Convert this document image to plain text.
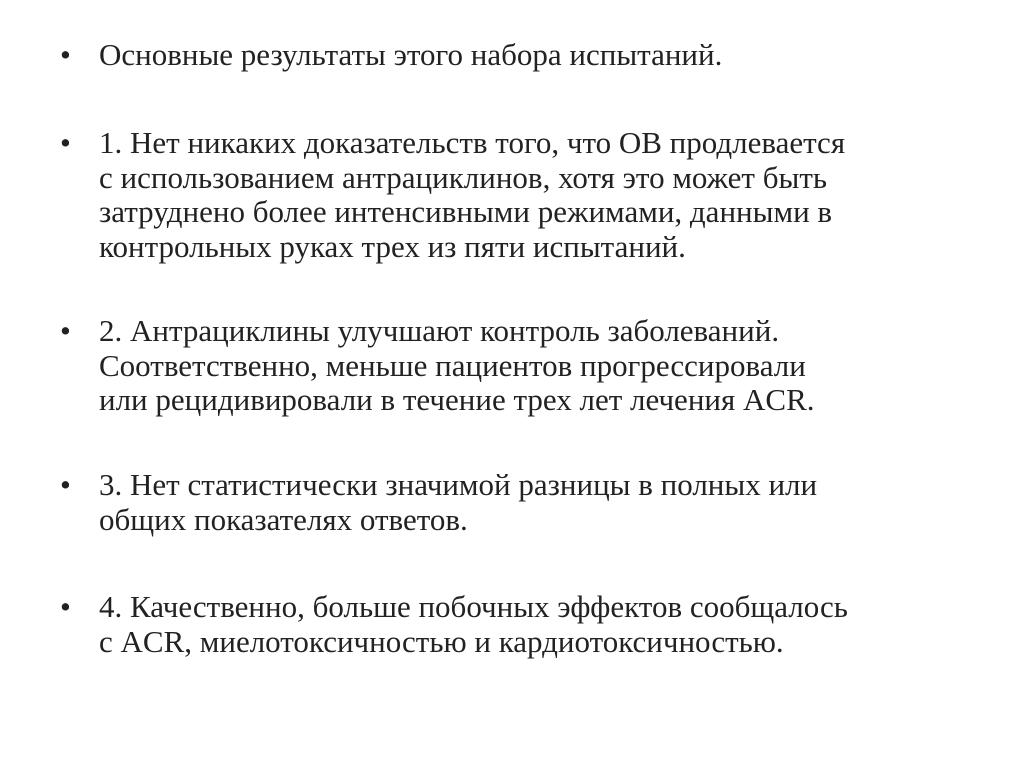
• Основные результаты этого набора испытаний.
• 1. Нет никаких доказательств того, что ОВ продлевается
с использованием антрациклинов, хотя это может быть
затруднено более интенсивными режимами, данными в
контрольных руках трех из пяти испытаний.
• 2. Антрациклины улучшают контроль заболеваний.
Соответственно, меньше пациентов прогрессировали
или рецидивировали в течение трех лет лечения ACR.
• 3. Нет статистически значимой разницы в полных или
общих показателях ответов.
• 4. Качественно, больше побочных эффектов сообщалось
с ACR, миелотоксичностью и кардиотоксичностью.
